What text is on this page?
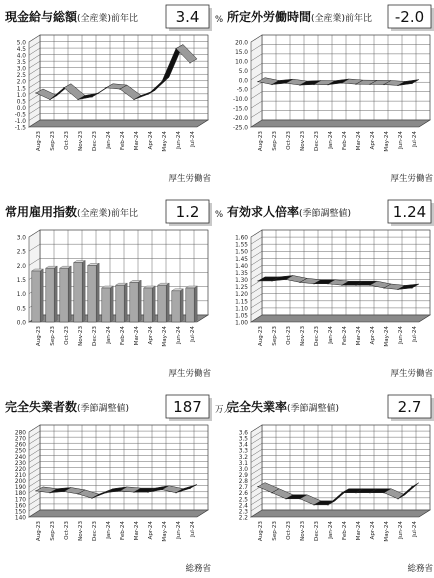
現金給与総額(全産業)前年比	3.4 %
5.0
4.5
4.0
3.5
3.0
2.5
2.0
1.5
1.0
0.5
0.0
-0.5
-1.0
-1.5
Aug-23 Sep-23 Oct-23 Nov-23 Dec-23 Jan-24 Feb-24 Mar-24 Apr-24 May-24 Jun-24 Jul-24
厚生労働省
所定外労働時間(全産業)前年比 -2.0
20.0
15.0
10.0
5.0
0.0
-5.0
-10.0
-15.0
-20.0
-25.0
Aug-23 Sep-23 Oct-23 Nov-23 Dec-23 Jan-24 Feb-24 Mar-24 Apr-24 May-24 Jun-24 Jul-24
厚生労働省
常用雇用指数(全産業)前年比	1.2 %
3.0
2.5
2.0
1.5
1.0
0.5
0.0
Aug-23 Sep-23 Oct-23 Nov-23 Dec-23 Jan-24 Feb-24 Mar-24 Apr-24 May-24 Jun-24 Jul-24
厚生労働省
有効求人倍率(季節調整値)	1.24
1.60
1.55
1.50
1.45
1.40
1.35
1.30
1.25
1.20
1.15
1.10
1.05
1.00
Aug-23 Sep-23 Oct-23 Nov-23 Dec-23 Jan-24 Feb-24 Mar-24 Apr-24 May-24 Jun-24 Jul-24
厚生労働省
完全失業者数(季節調整値)	187 万人
280
270
260
250
240
230
220
210
200
190
180
170
160
150
140
Aug-23 Sep-23 Oct-23 Nov-23 Dec-23 Jan-24 Feb-24 Mar-24 Apr-24 May-24 Jun-24 Jul-24
総務省
完全失業率(季節調整値)	2.7
3.6
3.5
3.4
3.3
3.2
3.1
3.0
2.9
2.8
2.7
2.6
2.5
2.4
2.3
2.2
Aug-23 Sep-23 Oct-23 Nov-23 Dec-23 Jan-24 Feb-24 Mar-24 Apr-24 May-24 Jun-24 Jul-24
総務省
